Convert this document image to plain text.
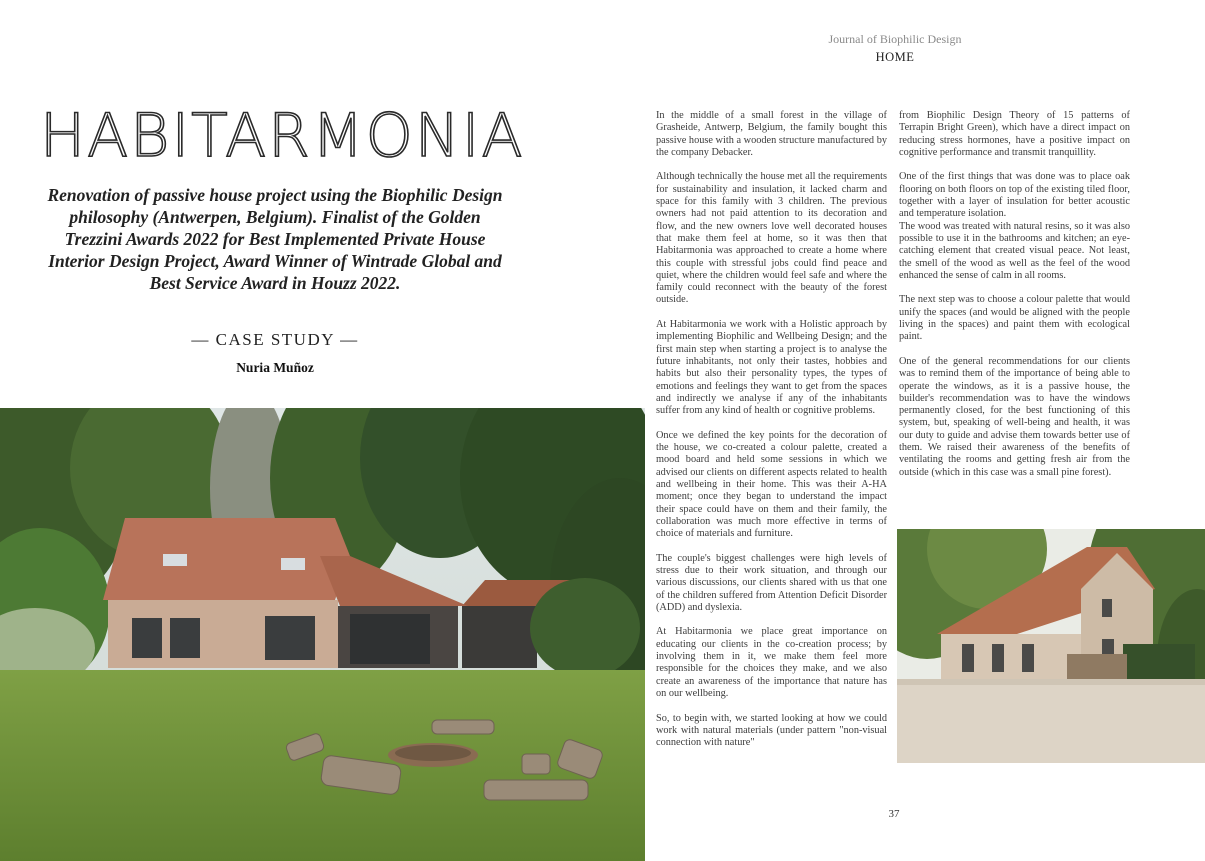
Journal of Biophilic Design
HOME
HABITARMONIA
Renovation of passive house project using the Biophilic Design philosophy (Antwerpen, Belgium). Finalist of the Golden Trezzini Awards 2022 for Best Implemented Private House Interior Design Project, Award Winner of Wintrade Global and Best Service Award in Houzz 2022.
— CASE STUDY —
Nuria Muñoz

In the middle of a small forest in the village of Grasheide, Antwerp, Belgium, the family bought this passive house with a wooden structure manufactured by the company Debacker.

Although technically the house met all the requirements for sustainability and insulation, it lacked charm and space for this family with 3 children. The previous owners had not paid attention to its decoration and flow, and the new owners love well decorated houses that make them feel at home, so it was then that Habitarmonia was approached to create a home where this couple with stressful jobs could find peace and quiet, where the children would feel safe and where the family could reconnect with the beauty of the forest outside.

At Habitarmonia we work with a Holistic approach by implementing Biophilic and Wellbeing Design; and the first main step when starting a project is to analyse the future inhabitants, not only their tastes, hobbies and habits but also their personality types, the types of emotions and feelings they want to get from the spaces and indirectly we analyse if any of the inhabitants suffer from any kind of health or cognitive problems.

Once we defined the key points for the decoration of the house, we co-created a colour palette, created a mood board and held some sessions in which we advised our clients on different aspects related to health and wellbeing in their home. This was their A-HA moment; once they began to understand the impact their space could have on them and their family, the collaboration was much more effective in terms of choice of materials and furniture.

The couple's biggest challenges were high levels of stress due to their work situation, and through our various discussions, our clients shared with us that one of the children suffered from Attention Deficit Disorder (ADD) and dyslexia.

At Habitarmonia we place great importance on educating our clients in the co-creation process; by involving them in it, we make them feel more responsible for the choices they make, and we also create an awareness of the importance that nature has on our wellbeing.

So, to begin with, we started looking at how we could work with natural materials (under pattern "non-visual connection with nature"

from Biophilic Design Theory of 15 patterns of Terrapin Bright Green), which have a direct impact on reducing stress hormones, have a positive impact on cognitive performance and transmit tranquillity.

One of the first things that was done was to place oak flooring on both floors on top of the existing tiled floor, together with a layer of insulation for better acoustic and temperature isolation.

The wood was treated with natural resins, so it was also possible to use it in the bathrooms and kitchen; an eye-catching element that created visual peace. Not least, the smell of the wood as well as the feel of the wood enhanced the sense of calm in all rooms.

The next step was to choose a colour palette that would unify the spaces (and would be aligned with the people living in the spaces) and paint them with ecological paint.

One of the general recommendations for our clients was to remind them of the importance of being able to operate the windows, as it is a passive house, the builder's recommendation was to have the windows permanently closed, for the best functioning of this system, but, speaking of well-being and health, it was our duty to guide and advise them towards better use of them. We raised their awareness of the benefits of ventilating the rooms and getting fresh air from the outside (which in this case was a small pine forest).

37
